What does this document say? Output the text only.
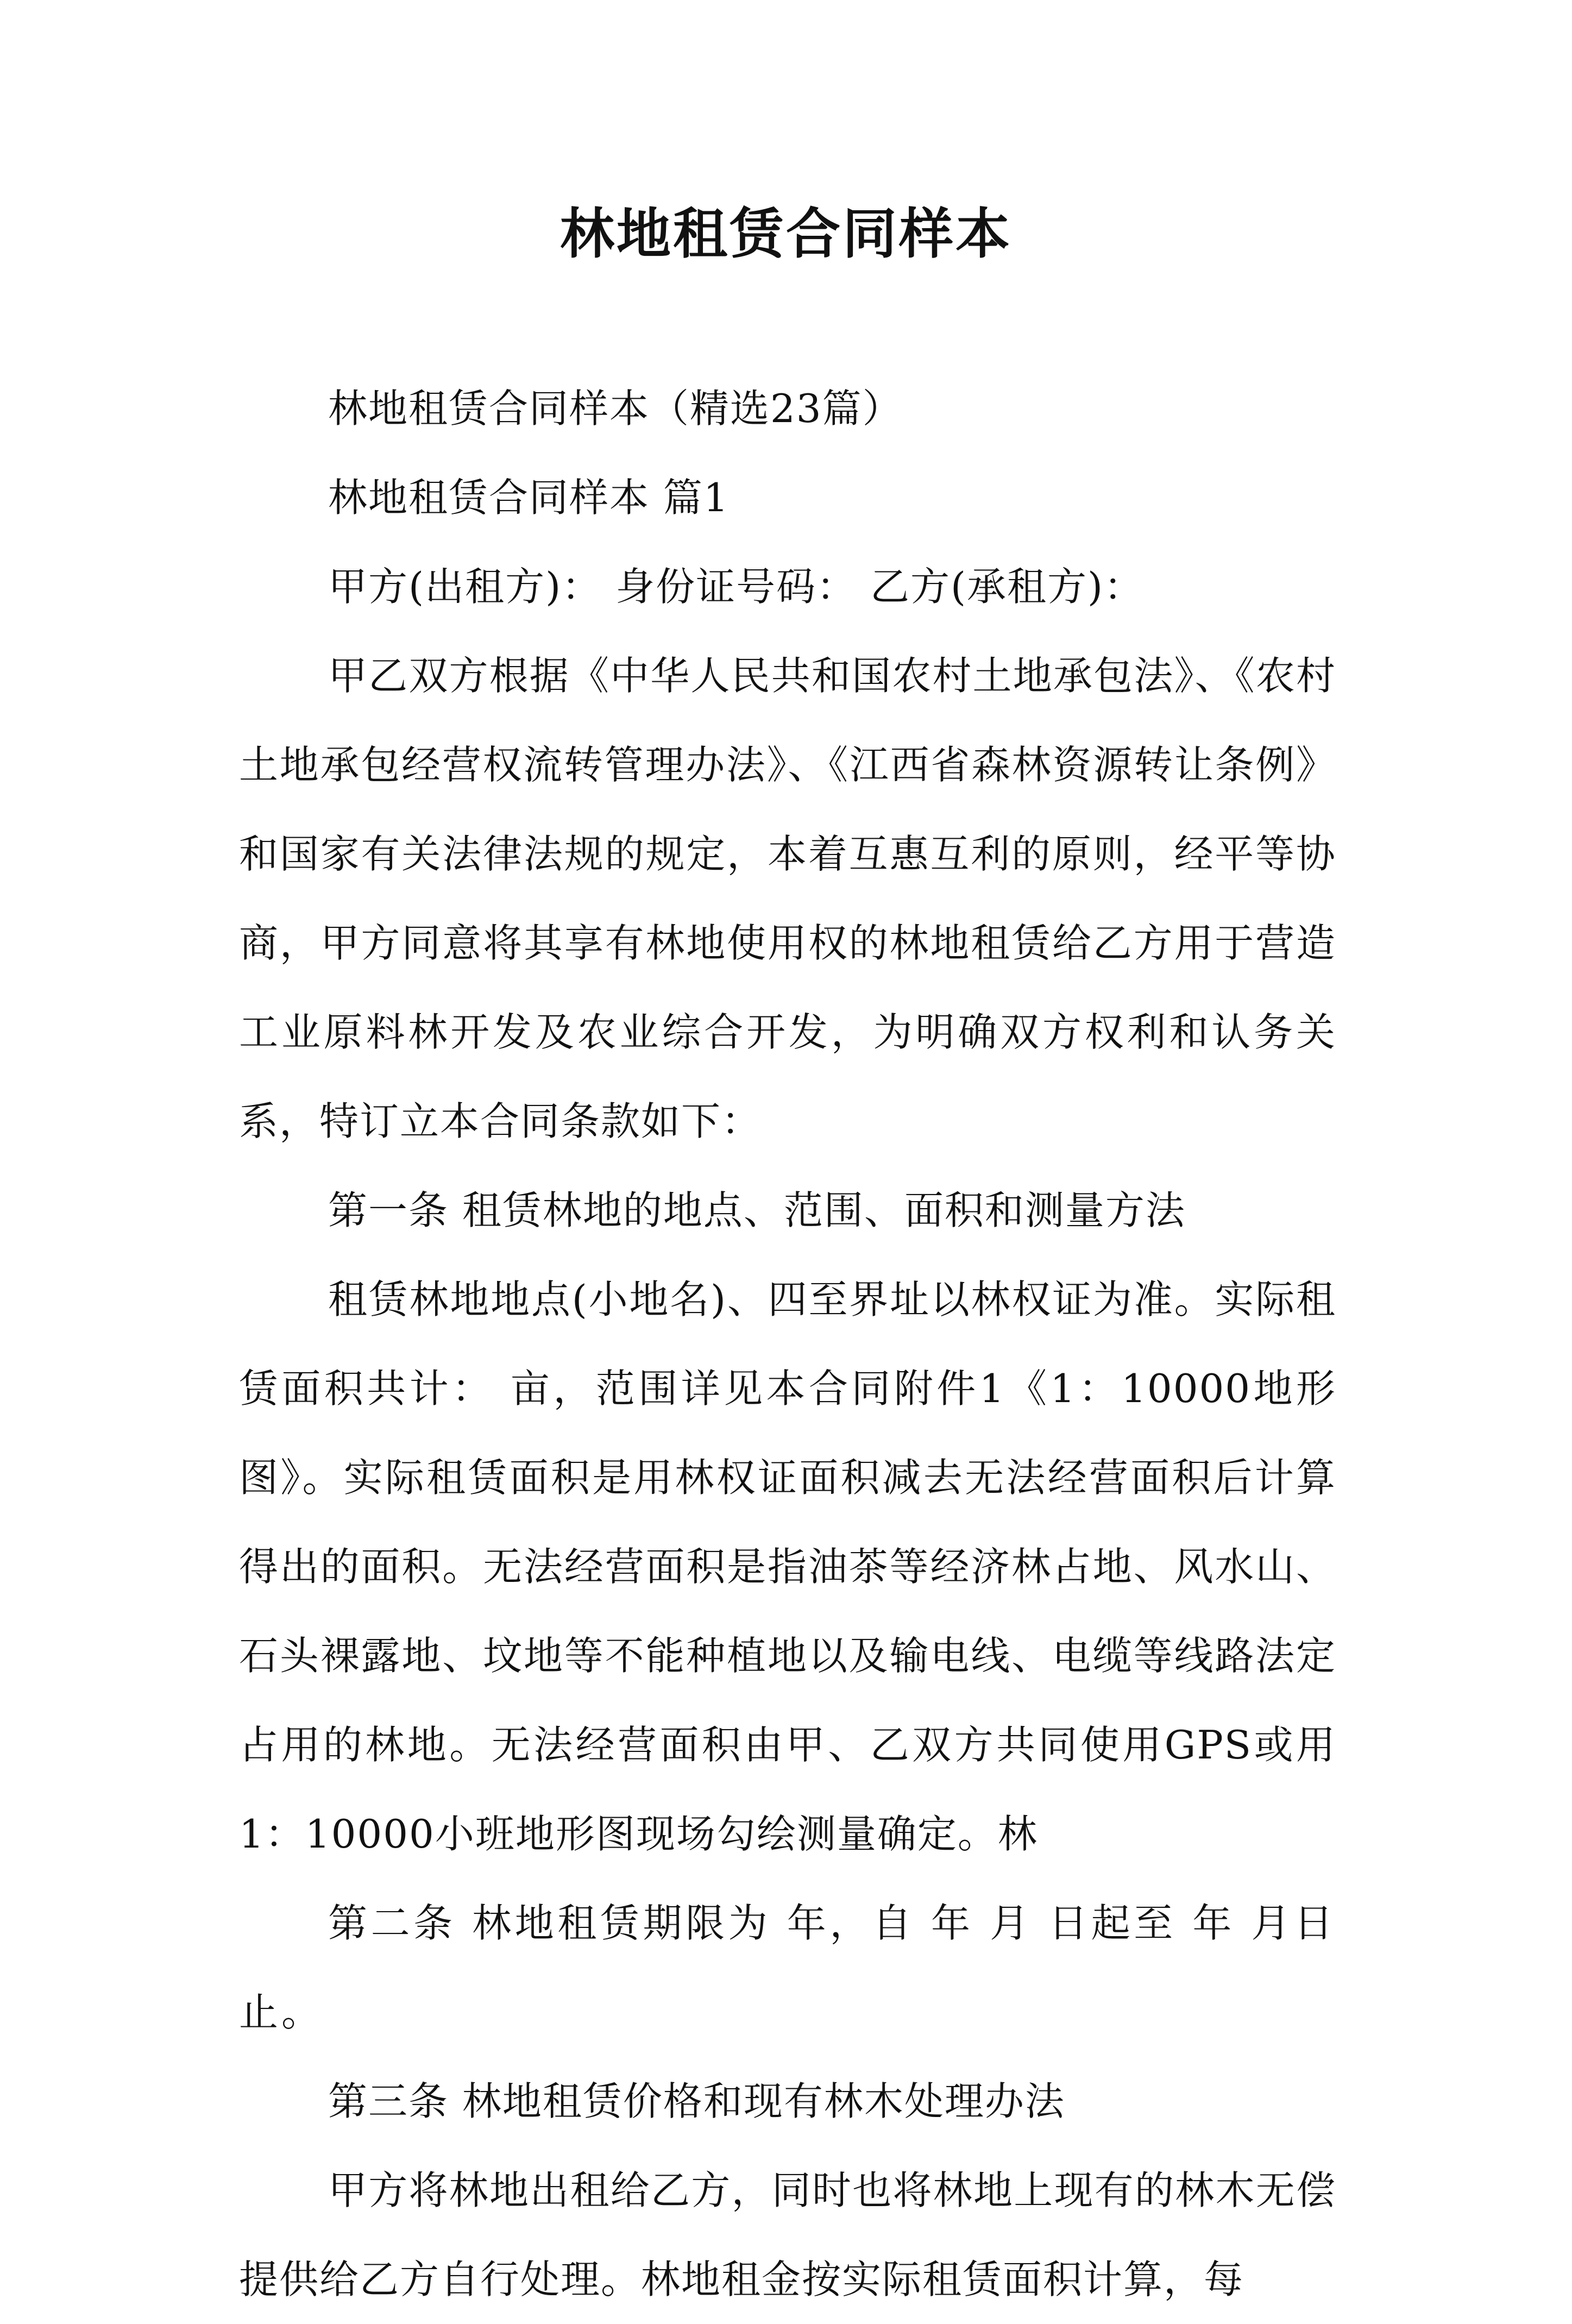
林地租赁合同样本

林地租赁合同样本（精选23篇）

林地租赁合同样本 篇1

甲方(出租方)： 身份证号码： 乙方(承租方)：

甲乙双方根据《中华人民共和国农村土地承包法》、《农村土地承包经营权流转管理办法》、《江西省森林资源转让条例》和国家有关法律法规的规定，本着互惠互利的原则，经平等协商，甲方同意将其享有林地使用权的林地租赁给乙方用于营造工业原料林开发及农业综合开发，为明确双方权利和认务关系，特订立本合同条款如下：

第一条 租赁林地的地点、范围、面积和测量方法

租赁林地地点(小地名)、四至界址以林权证为准。实际租赁面积共计： 亩，范围详见本合同附件1《1：10000地形图》。实际租赁面积是用林权证面积减去无法经营面积后计算得出的面积。无法经营面积是指油茶等经济林占地、风水山、石头裸露地、坟地等不能种植地以及输电线、电缆等线路法定占用的林地。无法经营面积由甲、乙双方共同使用GPS或用1：10000小班地形图现场勾绘测量确定。林

第二条 林地租赁期限为 年，自 年 月 日起至 年 月日止。

第三条 林地租赁价格和现有林木处理办法

甲方将林地出租给乙方，同时也将林地上现有的林木无偿提供给乙方自行处理。林地租金按实际租赁面积计算，每
